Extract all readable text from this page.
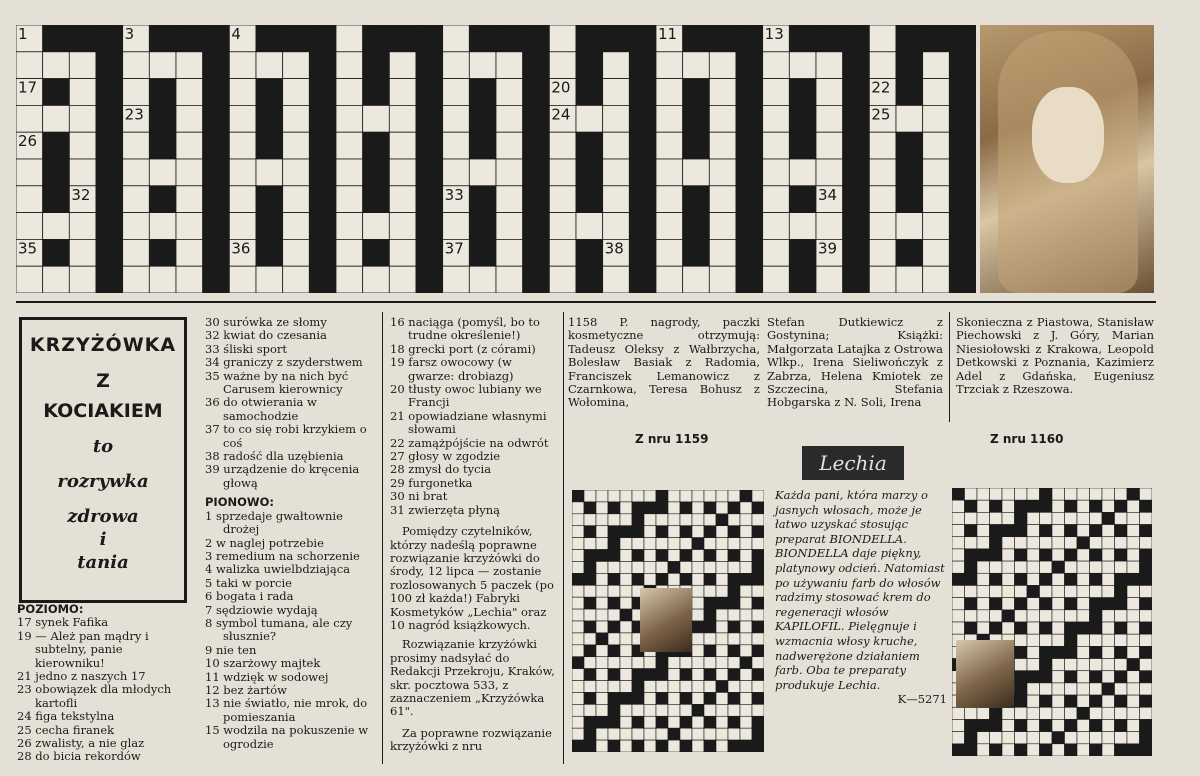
1	2 3	4	5	6	7	8	9	10	11	12 13	14 15 16
17	18	19	20	21	22
23	24	25
26	27	28	29	30	31
32	33	34
35	36	37	38	39
KRZYŻÓWKA
Z
KOCIAKIEM
to
rozrywka
zdrowa
i
tania

POZIOMO:

17 synek Fafika

19 — Ależ pan mądry i subtelny, panie kierowniku!

21 jedno z naszych 17

23 obowiązek dla młodych kartofli

24 figa tekstylna

25 cecha firanek

26 zwalisty, a nie glaz

28 do bicia rekordów

30 surówka ze słomy

32 kwiat do czesania

33 śliski sport

34 graniczy z szyderstwem

35 ważne by na nich być Carusem kierownicy

36 do otwierania w samochodzie

37 to co się robi krzykiem o coś

38 radość dla uzębienia

39 urządzenie do kręcenia głową

PIONOWO:

1 sprzedaje gwałtownie drożej

2 w naglej potrzebie

3 remedium na schorzenie

4 walizka uwielbdziająca

5 taki w porcie

6 bogata i rada

7 sędziowie wydają

8 symbol tumana, ale czy słusznie?

9 nie ten

10 szarżowy majtek

11 wdzięk w sodowej

12 bez żartów

13 nie światło, nie mrok, do pomieszania

15 wodzila na pokuszenie w ogrodzie

16 naciąga (pomyśl, bo to trudne określenie!)

18 grecki port (z córami)

19 farsz owocowy (w gwarze: drobiazg)

20 tłusty owoc lubiany we Francji

21 opowiadziane własnymi słowami

22 zamążpójście na odwrót

27 głosy w zgodzie

28 zmysł do tycia

29 furgonetka

30 ni brat

31 zwierzęta płyną

Pomiędzy czytelników, którzy nadeślą poprawne rozwiązanie krzyżówki do środy, 12 lipca — zostanie rozlosowanych 5 paczek (po 100 zł każda!) Fabryki Kosmetyków „Lechia" oraz 10 nagród książkowych.

Rozwiązanie krzyżówki prosimy nadsyłać do Redakcji Przekroju, Kraków, skr. pocztowa 533, z zaznaczeniem „Krzyżówka 61".

Za poprawne rozwiązanie krzyżówki z nru

1158 P. nagrody, paczki kosmetyczne otrzymują: Tadeusz Oleksy z Wałbrzycha, Bolesław Basiak z Radomia, Franciszek Lemanowicz z Czarnkowa, Teresa Bohusz z Wołomina,

Stefan Dutkiewicz z Gostynina; Książki: Małgorzata Latajka z Ostrowa Wlkp., Irena Sieliwończyk z Zabrza, Helena Kmiotek ze Szczecina, Stefania Hobgarska z N. Soli, Irena

Skonieczna z Piastowa, Stanisław Piechowski z J. Góry, Marian Niesiołowski z Krakowa, Leopold Detkowski z Poznania, Kazimierz Adel z Gdańska, Eugeniusz Trzciak z Rzeszowa.

Z nru 1159	Z nru 1160
Lechia

Każda pani, która marzy o jasnych włosach, może je łatwo uzyskać stosując preparat BIONDELLA. BIONDELLA daje piękny, platynowy odcień. Natomiast po używaniu farb do włosów radzimy stosować krem do regeneracji włosów KAPILOFIL. Pielęgnuje i wzmacnia włosy kruche, nadwerężone działaniem farb. Oba te preparaty produkuje Lechia.

K—5271
